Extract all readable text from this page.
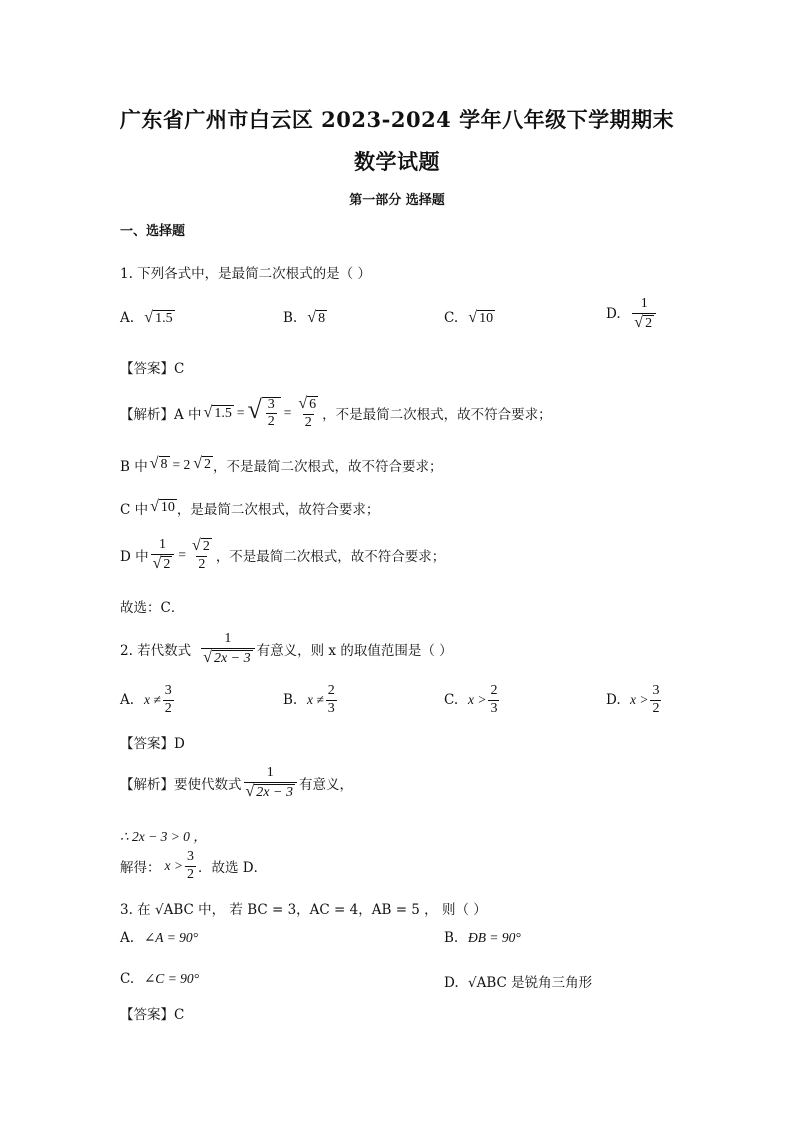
广东省广州市白云区 2023-2024 学年八年级下学期期末
数学试题
第一部分 选择题
一、选择题
1. 下列各式中，是最简二次根式的是（ ）
A. √ 1.5	B. √ 8	C. √ 10	D. $\frac{1}{√ 2}$
【答案】C
【解析】A 中 √ 1.5 = √ $\frac{3}{2} = \frac{√ 6}{2}$ ，不是最简二次根式，故不符合要求；
B 中 √ 8 = 2 √ 2 ，不是最简二次根式，故不符合要求；
C 中 √ 10 ，是最简二次根式，故符合要求；
D 中 $\frac{1}{√ 2} = \frac{√ 2}{2}$ ，不是最简二次根式，故不符合要求；
故选：C．
2. 若代数式 $\frac{1}{√ 2x - 3}$ 有意义，则 x 的取值范围是（ ）
A. $x \ne \frac{3}{2}$	B. $x \ne \frac{2}{3}$	C. $x > \frac{2}{3}$	D. $x > \frac{3}{2}$
【答案】D
【解析】要使代数式 $\frac{1}{√ 2x - 3}$ 有意义，
∴ 2x − 3 > 0 ，
解得： $x > \frac{3}{2}$ ．故选 D．
3. 在 √ABC 中， 若 BC = 3，AC = 4，AB = 5 ， 则（ ）
A. ∠A = 90°	B. ÐB = 90°
C. ∠C = 90°	D. √ABC 是锐角三角形
【答案】C
